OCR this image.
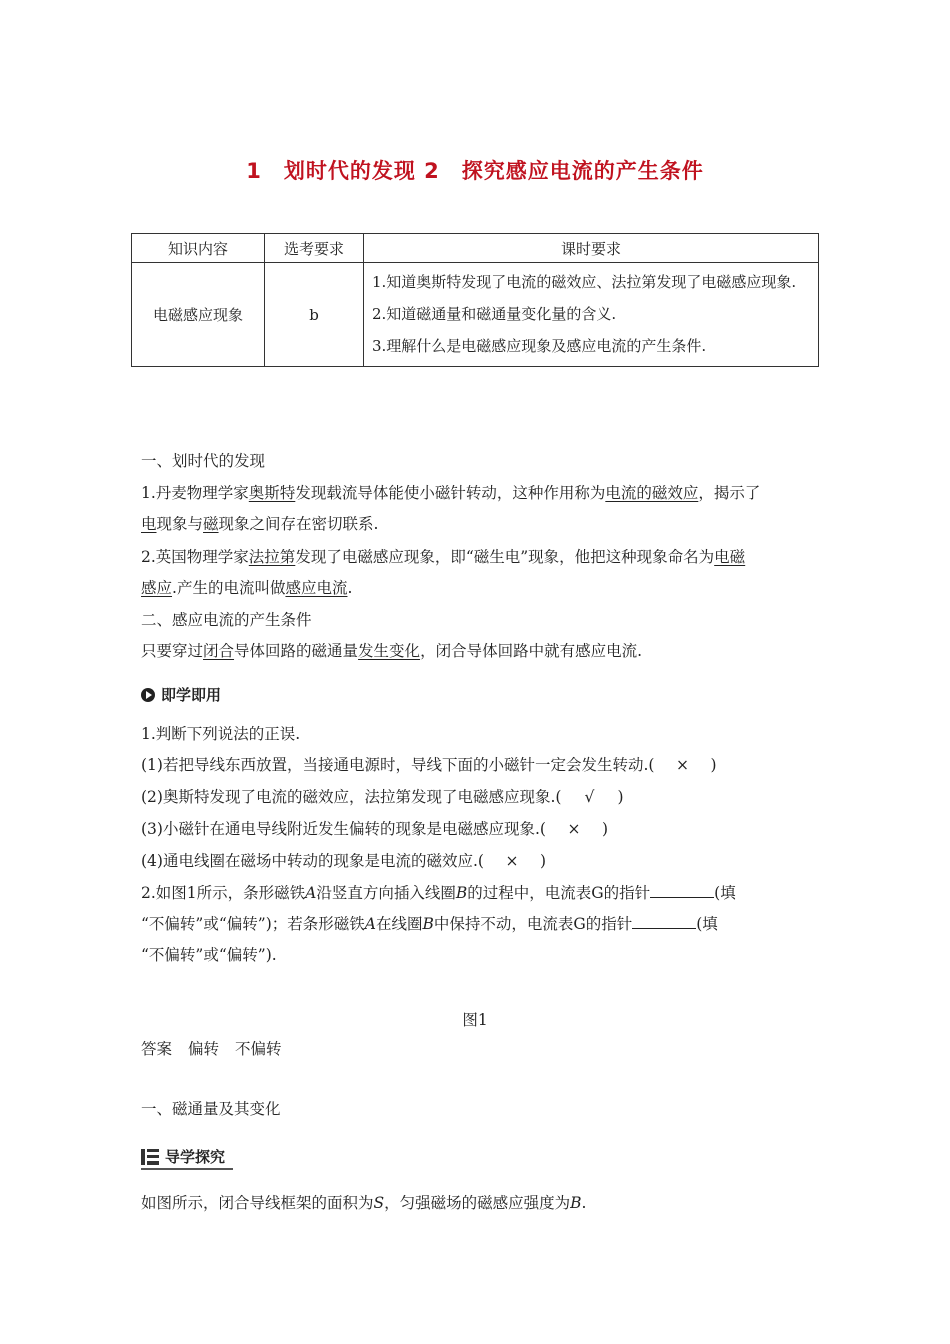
1　划时代的发现 2　探究感应电流的产生条件
知识内容	选考要求	课时要求
电磁感应现象	b	1.知道奥斯特发现了电流的磁效应、法拉第发现了电磁感应现象.
2.知道磁通量和磁通量变化量的含义.
3.理解什么是电磁感应现象及感应电流的产生条件.
一、划时代的发现
1.丹麦物理学家奥斯特发现载流导体能使小磁针转动，这种作用称为电流的磁效应，揭示了
电现象与磁现象之间存在密切联系.
2.英国物理学家法拉第发现了电磁感应现象，即“磁生电”现象，他把这种现象命名为电磁
感应.产生的电流叫做感应电流.
二、感应电流的产生条件
只要穿过闭合导体回路的磁通量发生变化，闭合导体回路中就有感应电流.
即学即用
1.判断下列说法的正误.
(1)若把导线东西放置，当接通电源时，导线下面的小磁针一定会发生转动.( × )
(2)奥斯特发现了电流的磁效应，法拉第发现了电磁感应现象.( √ )
(3)小磁针在通电导线附近发生偏转的现象是电磁感应现象.( × )
(4)通电线圈在磁场中转动的现象是电流的磁效应.( × )
2.如图1所示，条形磁铁A沿竖直方向插入线圈B的过程中，电流表G的指针	(填
“不偏转”或“偏转”)；若条形磁铁A在线圈B中保持不动，电流表G的指针	(填
“不偏转”或“偏转”).
图1
答案 偏转 不偏转
一、磁通量及其变化
导学探究
如图所示，闭合导线框架的面积为S，匀强磁场的磁感应强度为B.
